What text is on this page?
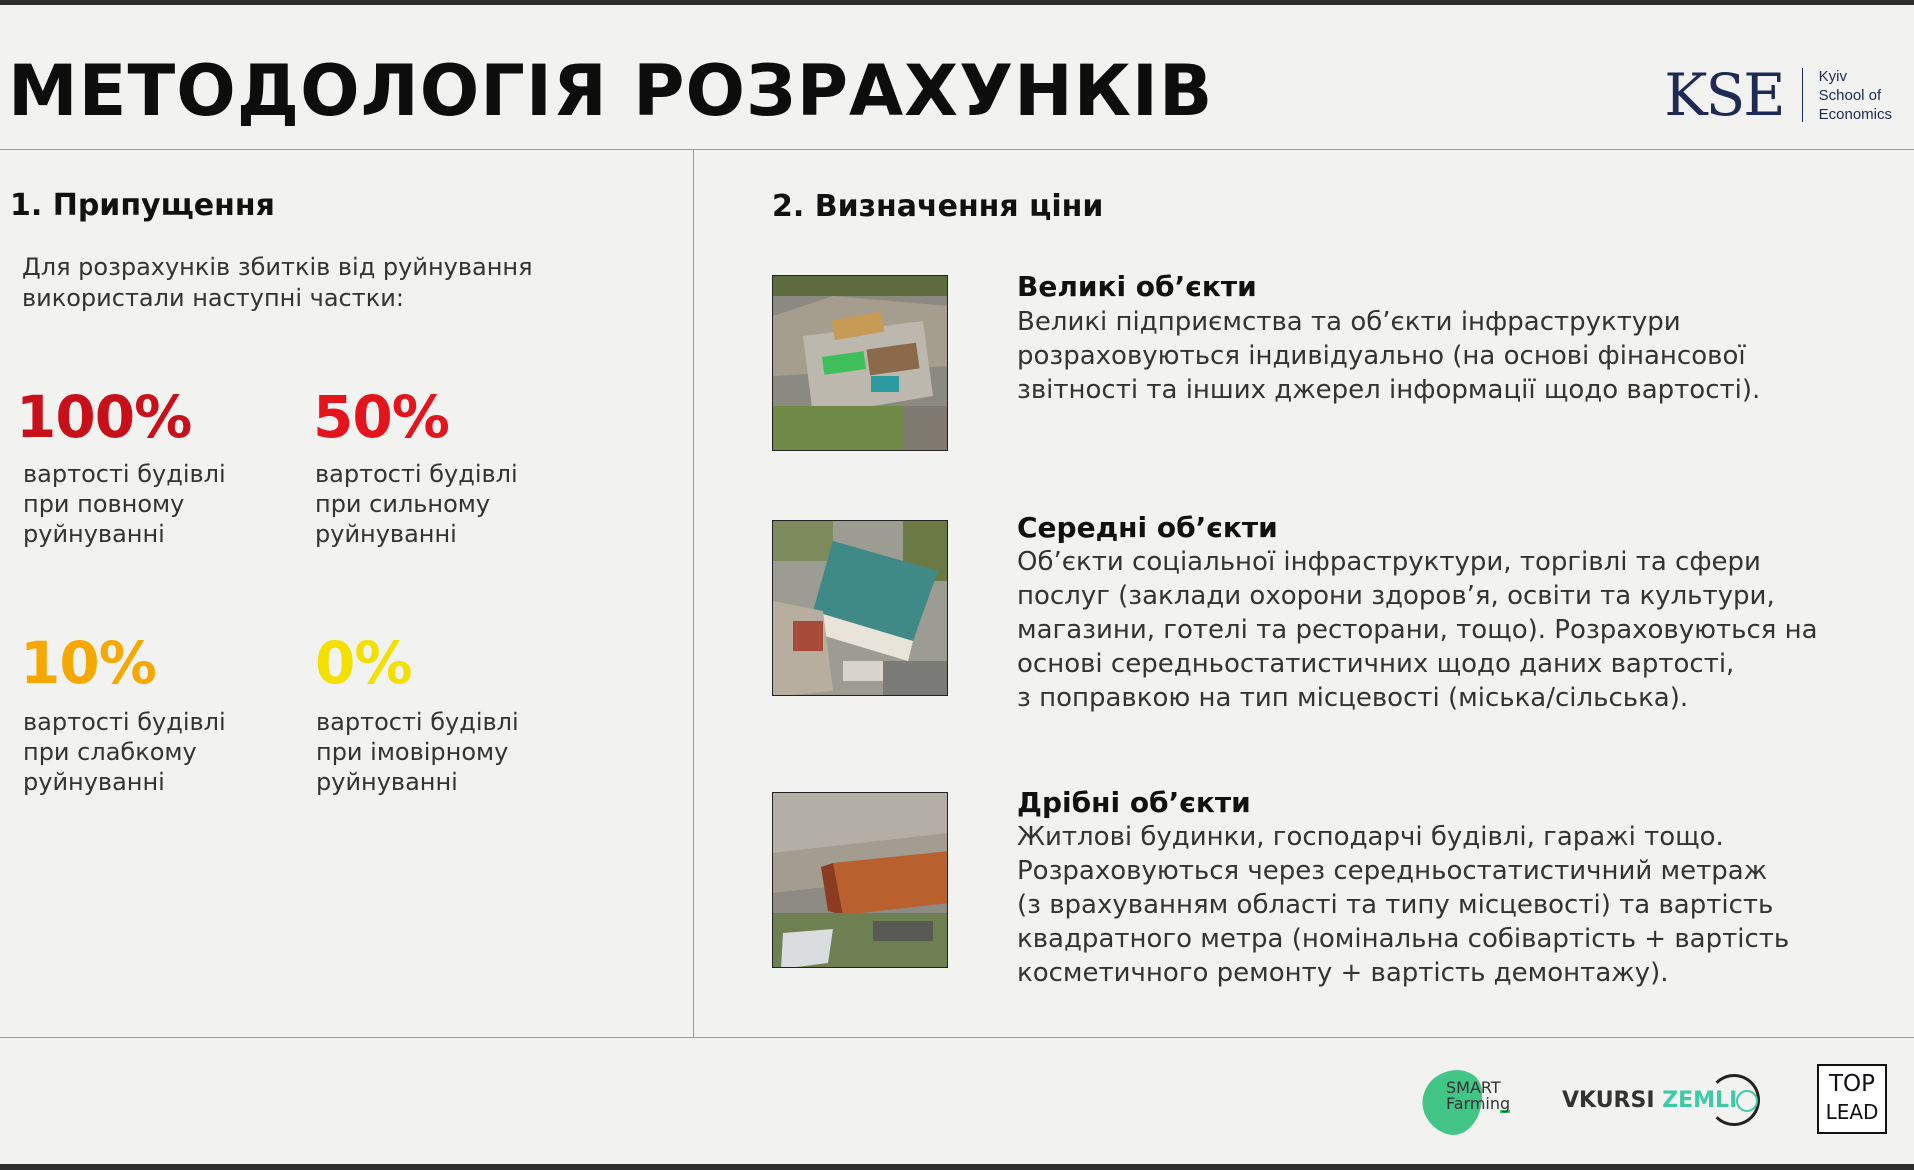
МЕТОДОЛОГІЯ РОЗРАХУНКІВ	KSE Kyiv
School of
Economics
1. Припущення

Для розрахунків збитків від руйнування використали наступні частки:

100%
вартості будівлі
при повному
руйнуванні
50%
вартості будівлі
при сильному
руйнуванні
10%
вартості будівлі
при слабкому
руйнуванні
0%
вартості будівлі
при імовірному
руйнуванні
2. Визначення ціни
Великі об’єкти
Великі підприємства та об’єкти інфраструктури
розраховуються індивідуально (на основі фінансової
звітності та інших джерел інформації щодо вартості).
Середні об’єкти
Об’єкти соціальної інфраструктури, торгівлі та сфери
послуг (заклади охорони здоров’я, освіти та культури,
магазини, готелі та ресторани, тощо). Розраховуються на
основі середньостатистичних щодо даних вартості,
з поправкою на тип місцевості (міська/сільська).
Дрібні об’єкти
Житлові будинки, господарчі будівлі, гаражі тощо.
Розраховуються через середньостатистичний метраж
(з врахуванням області та типу місцевості) та вартість
квадратного метра (номінальна собівартість + вартість
косметичного ремонту + вартість демонтажу).
SMART
Farming VKURSI ZEMLI
TOP
LEAD
